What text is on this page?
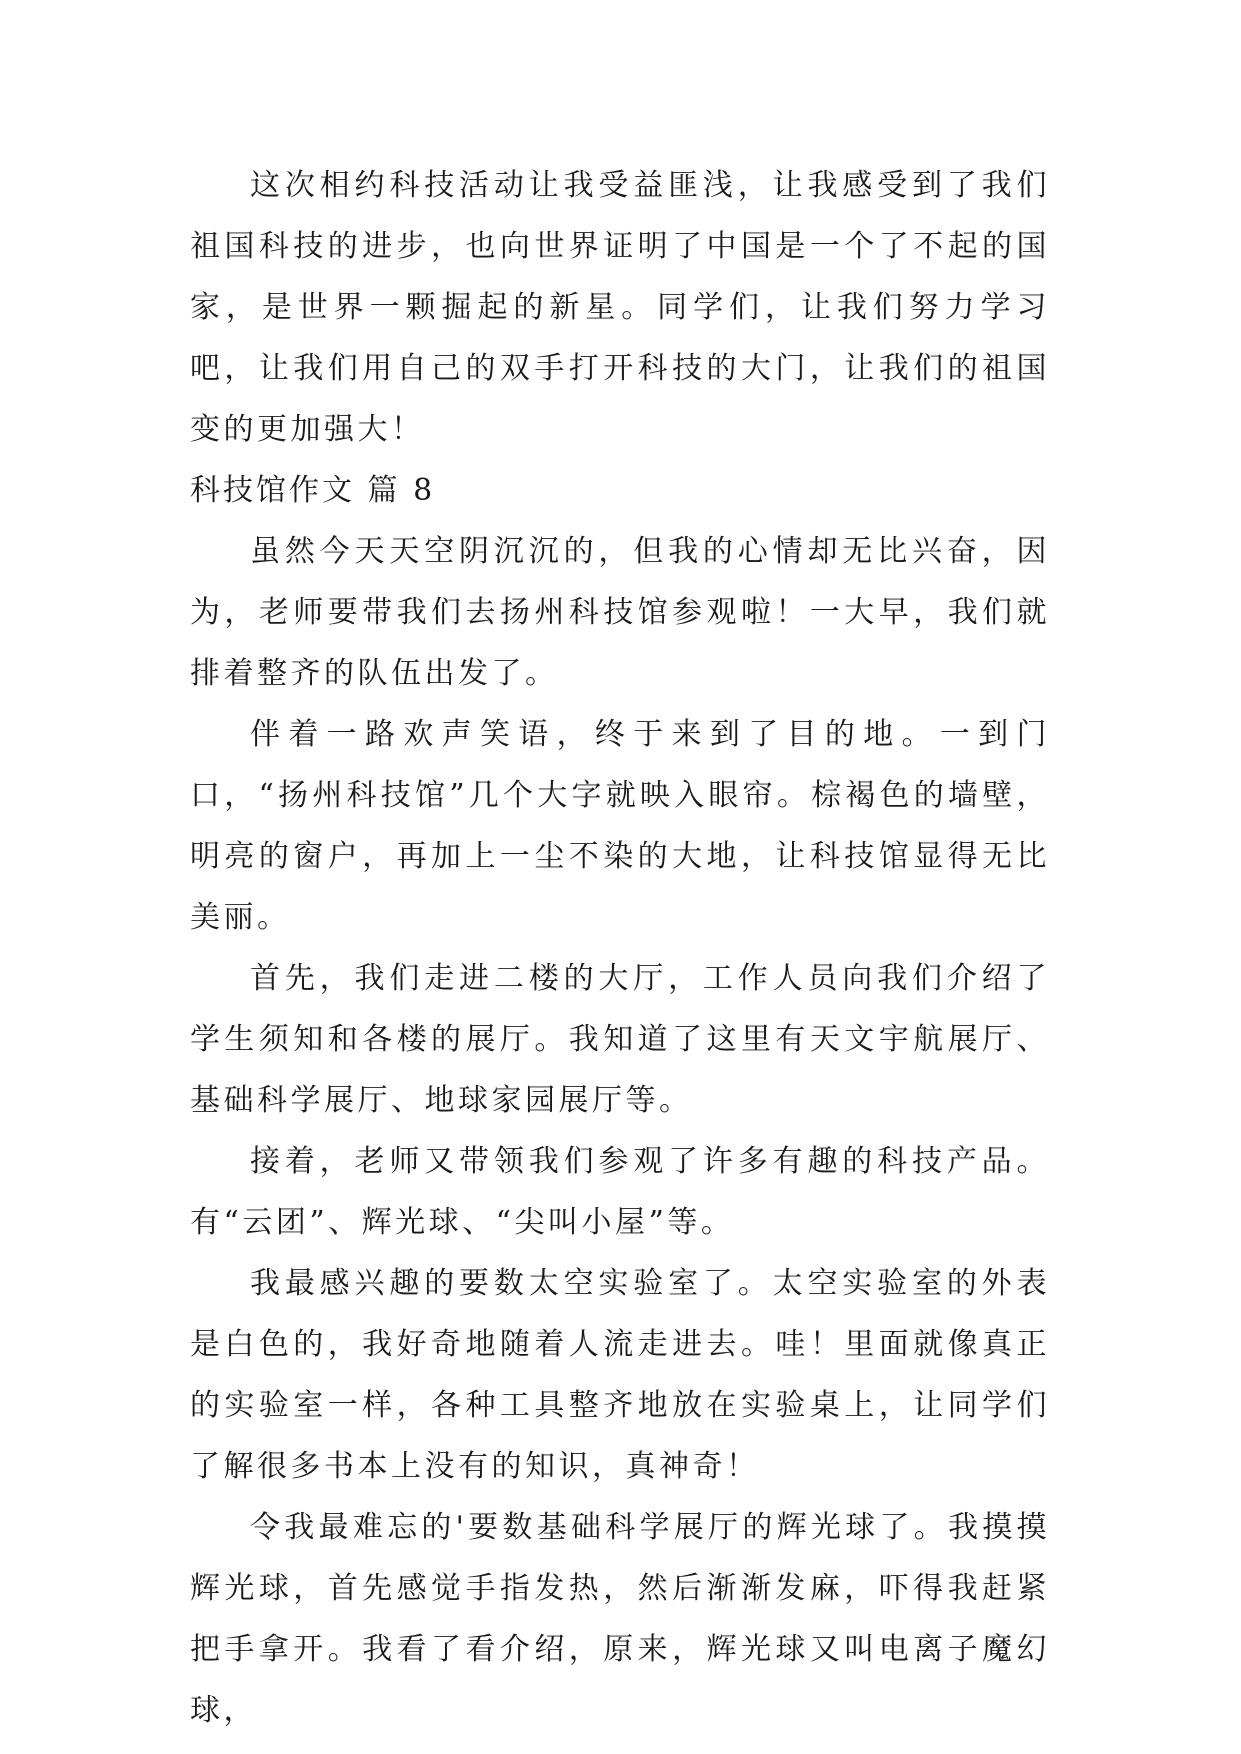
这次相约科技活动让我受益匪浅，让我感受到了我们祖国科技的进步，也向世界证明了中国是一个了不起的国家，是世界一颗掘起的新星。同学们，让我们努力学习吧，让我们用自己的双手打开科技的大门，让我们的祖国变的更加强大！

科技馆作文 篇 8

虽然今天天空阴沉沉的，但我的心情却无比兴奋，因为，老师要带我们去扬州科技馆参观啦！一大早，我们就排着整齐的队伍出发了。

伴着一路欢声笑语，终于来到了目的地。一到门口，“扬州科技馆”几个大字就映入眼帘。棕褐色的墙壁，明亮的窗户，再加上一尘不染的大地，让科技馆显得无比美丽。

首先，我们走进二楼的大厅，工作人员向我们介绍了学生须知和各楼的展厅。我知道了这里有天文宇航展厅、基础科学展厅、地球家园展厅等。

接着，老师又带领我们参观了许多有趣的科技产品。有“云团”、辉光球、“尖叫小屋”等。

我最感兴趣的要数太空实验室了。太空实验室的外表是白色的，我好奇地随着人流走进去。哇！里面就像真正的实验室一样，各种工具整齐地放在实验桌上，让同学们了解很多书本上没有的知识，真神奇！

令我最难忘的'要数基础科学展厅的辉光球了。我摸摸辉光球，首先感觉手指发热，然后渐渐发麻，吓得我赶紧把手拿开。我看了看介绍，原来，辉光球又叫电离子魔幻球，
